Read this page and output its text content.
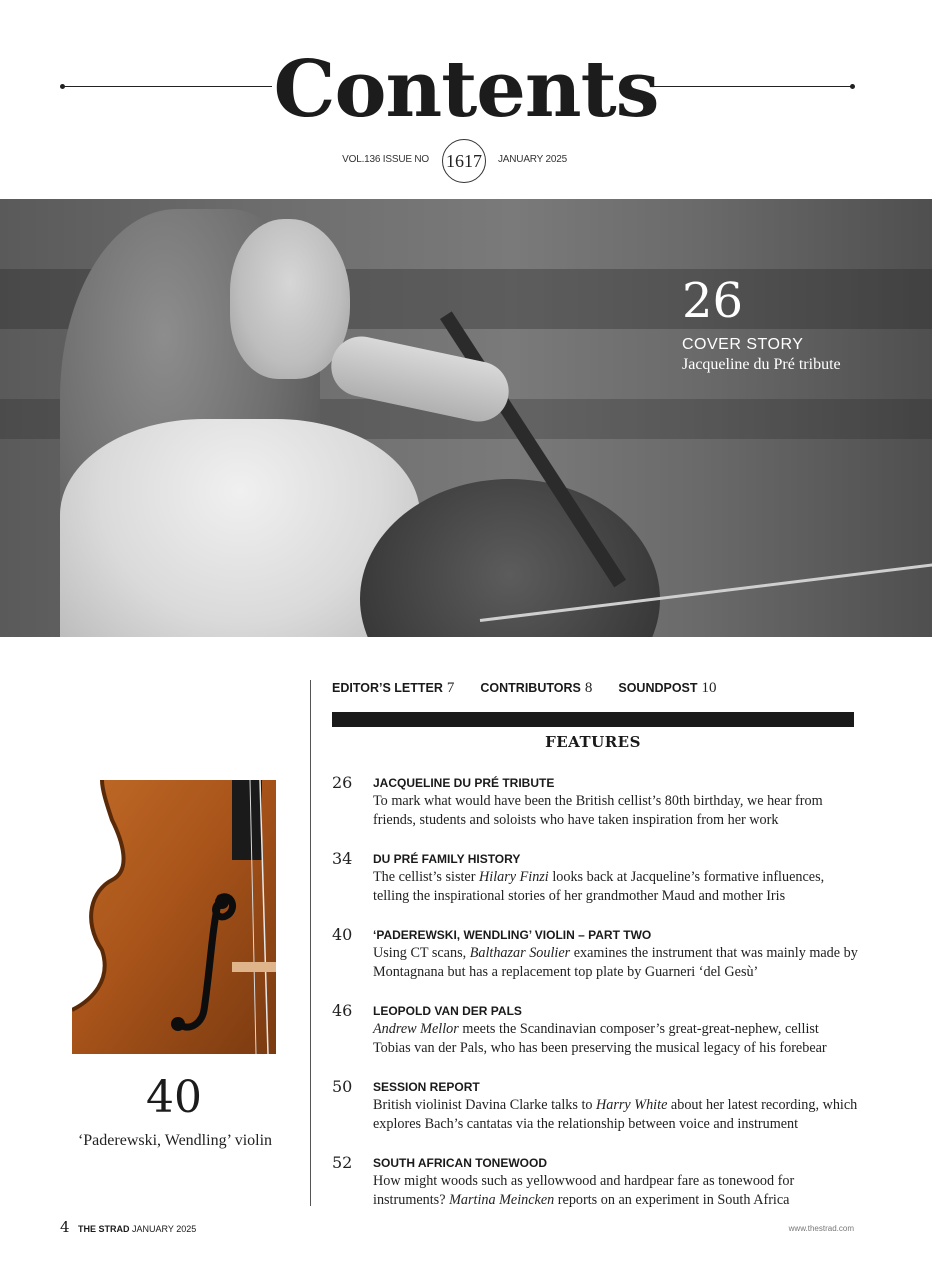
Contents
VOL.136 ISSUE NO 1617	JANUARY 2025
26
COVER STORY
Jacqueline du Pré tribute
40
‘Paderewski, Wendling’ violin
EDITOR’S LETTER 7 CONTRIBUTORS 8 SOUNDPOST 10
FEATURES
26 JACQUELINE DU PRÉ TRIBUTE
To mark what would have been the British cellist’s 80th birthday, we hear from friends, students and soloists who have taken inspiration from her work
34 DU PRÉ FAMILY HISTORY
The cellist’s sister Hilary Finzi looks back at Jacqueline’s formative influences, telling the inspirational stories of her grandmother Maud and mother Iris
40 ‘PADEREWSKI, WENDLING’ VIOLIN – PART TWO
Using CT scans, Balthazar Soulier examines the instrument that was mainly made by Montagnana but has a replacement top plate by Guarneri ‘del Gesù’
46 LEOPOLD VAN DER PALS
Andrew Mellor meets the Scandinavian composer’s great-great-nephew, cellist Tobias van der Pals, who has been preserving the musical legacy of his forebear
50 SESSION REPORT
British violinist Davina Clarke talks to Harry White about her latest recording, which explores Bach’s cantatas via the relationship between voice and instrument
52 SOUTH AFRICAN TONEWOOD
How might woods such as yellowwood and hardpear fare as tonewood for instruments? Martina Meincken reports on an experiment in South Africa
4 THE STRAD JANUARY 2025	www.thestrad.com
